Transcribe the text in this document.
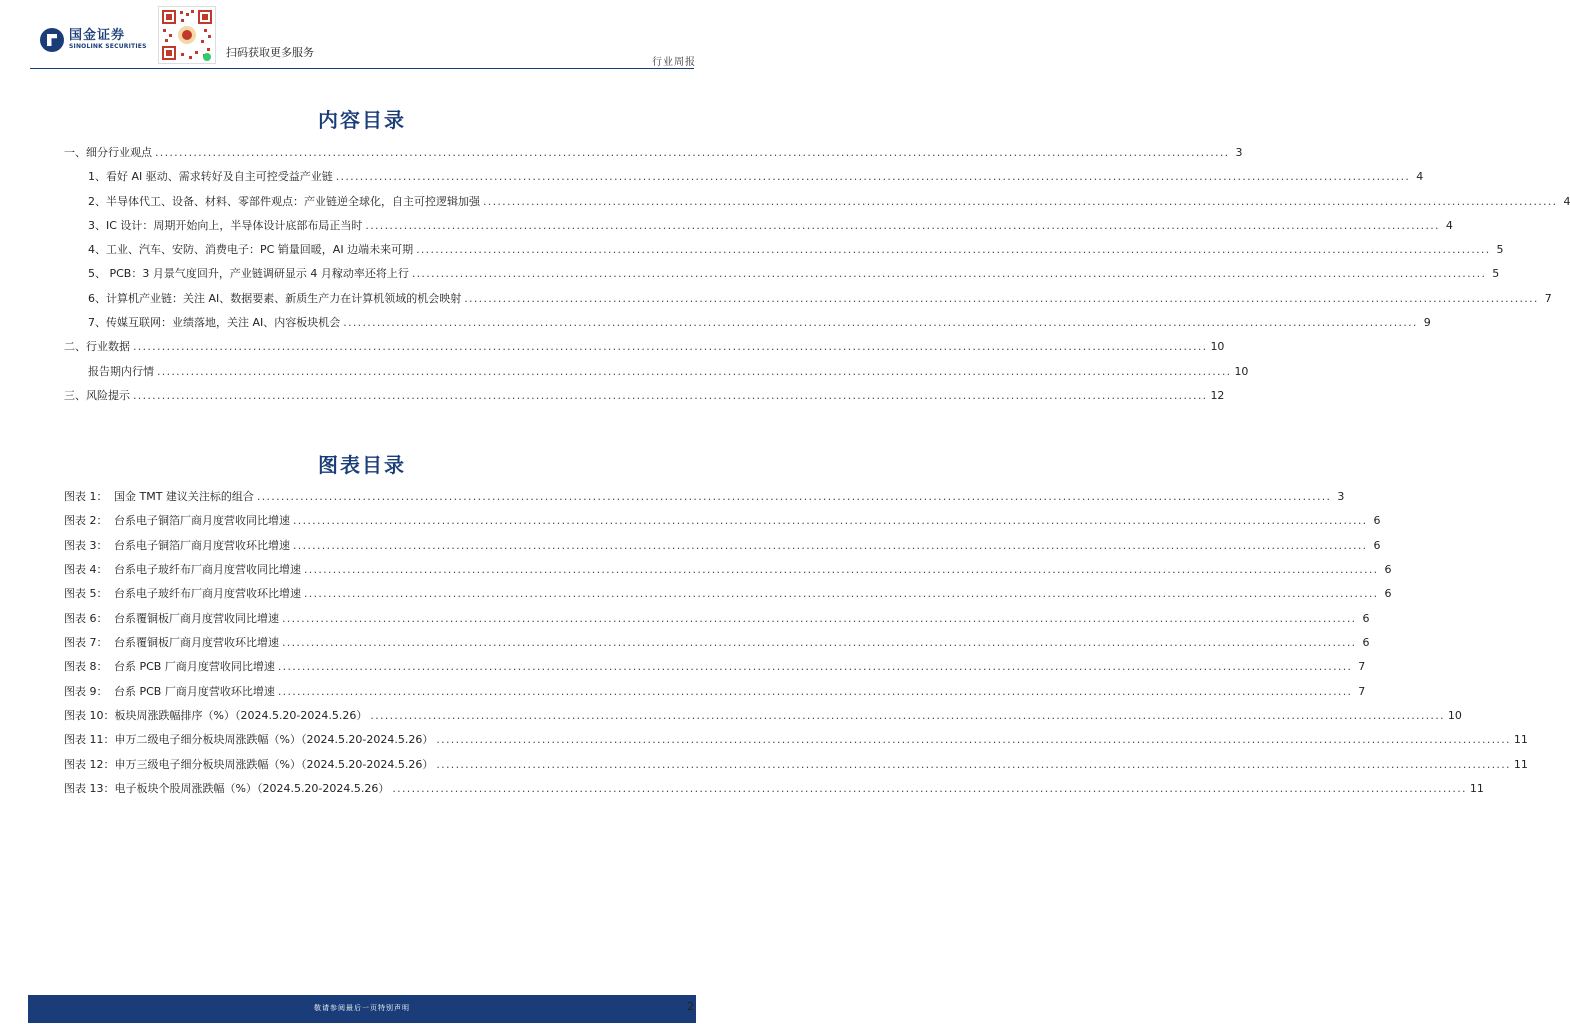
国金证券
SINOLINK SECURITIES	扫码获取更多服务
行业周报
内容目录
一、细分行业观点 .....	3
1、看好 AI 驱动、需求转好及自主可控受益产业链 .....	4
2、半导体代工、设备、材料、零部件观点：产业链逆全球化，自主可控逻辑加强 .....	4
3、IC 设计：周期开始向上，半导体设计底部布局正当时 .....	4
4、工业、汽车、安防、消费电子：PC 销量回暖，AI 边端未来可期 .....	5
5、 PCB：3 月景气度回升，产业链调研显示 4 月稼动率还将上行 .....	5
6、计算机产业链：关注 AI、数据要素、新质生产力在计算机领域的机会映射 .....	7
7、传媒互联网：业绩落地，关注 AI、内容板块机会 .....	9
二、行业数据 .....	10
报告期内行情 .....	10
三、风险提示 .....	12
图表目录
图表 1： 国金 TMT 建议关注标的组合 .....	3
图表 2： 台系电子铜箔厂商月度营收同比增速 .....	6
图表 3： 台系电子铜箔厂商月度营收环比增速 .....	6
图表 4： 台系电子玻纤布厂商月度营收同比增速 .....	6
图表 5： 台系电子玻纤布厂商月度营收环比增速 .....	6
图表 6： 台系覆铜板厂商月度营收同比增速 .....	6
图表 7： 台系覆铜板厂商月度营收环比增速 .....	6
图表 8： 台系 PCB 厂商月度营收同比增速 .....	7
图表 9： 台系 PCB 厂商月度营收环比增速 .....	7
图表 10：板块周涨跌幅排序（%）（2024.5.20-2024.5.26） .....	10
图表 11：申万二级电子细分板块周涨跌幅（%）（2024.5.20-2024.5.26） .....	11
图表 12：申万三级电子细分板块周涨跌幅（%）（2024.5.20-2024.5.26） .....	11
图表 13：电子板块个股周涨跌幅（%）（2024.5.20-2024.5.26） .....	11
敬请参阅最后一页特别声明	2
